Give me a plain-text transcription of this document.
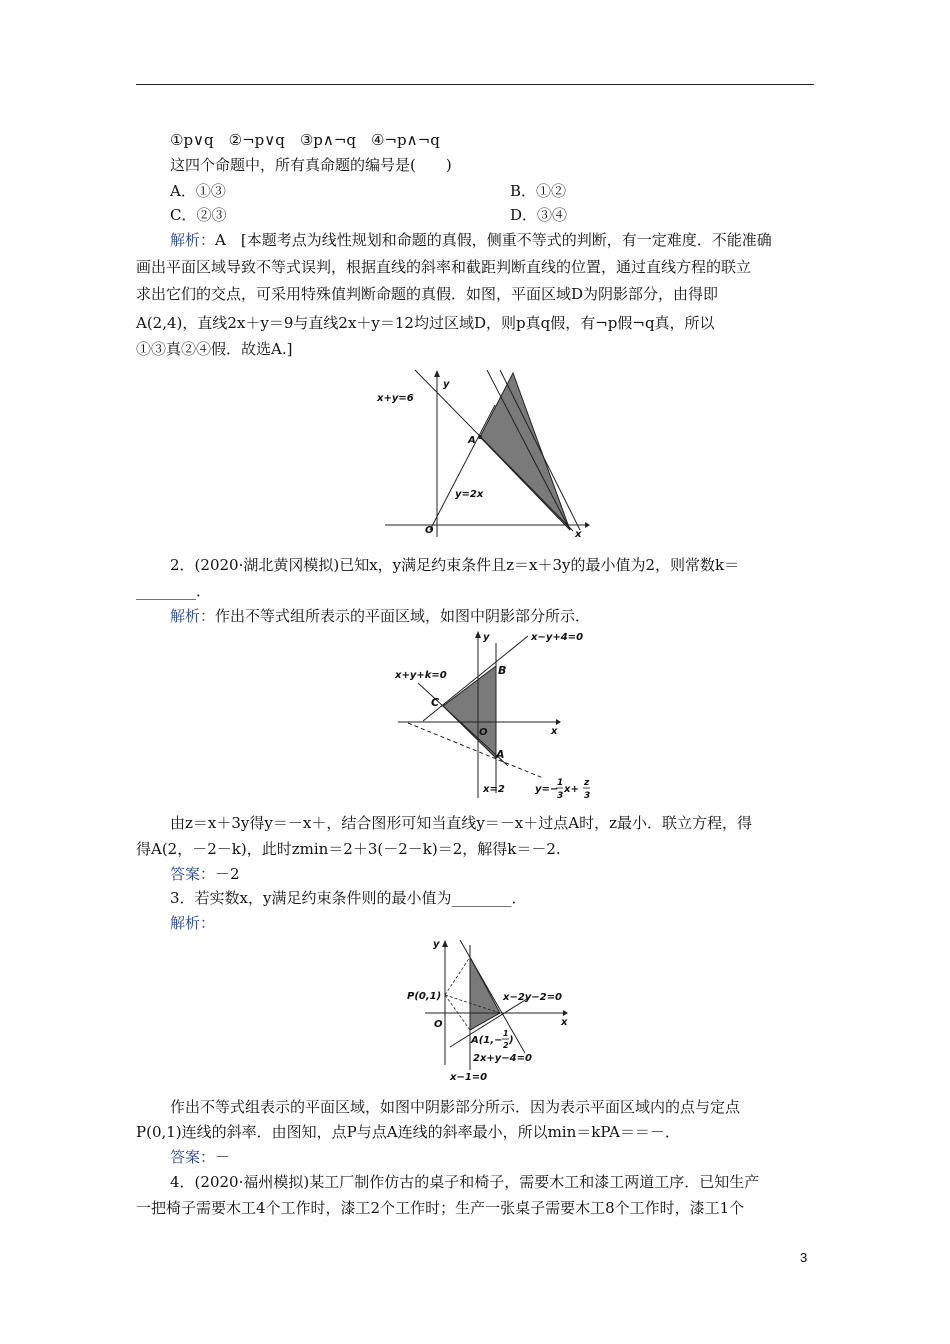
①p∨q　②¬p∨q　③p∧¬q　④¬p∧¬q
这四个命题中，所有真命题的编号是(　　)
A．①③	B．①②
C．②③	D．③④
解析：A　[本题考点为线性规划和命题的真假，侧重不等式的判断，有一定难度．不能准确
画出平面区域导致不等式误判，根据直线的斜率和截距判断直线的位置，通过直线方程的联立
求出它们的交点，可采用特殊值判断命题的真假．如图，平面区域D为阴影部分，由得即
A(2,4)，直线2x＋y＝9与直线2x＋y＝12均过区域D，则p真q假，有¬p假¬q真，所以
①③真②④假．故选A.]
x+y=6
y=2x
A
O	x
y
2．(2020·湖北黄冈模拟)已知x，y满足约束条件且z＝x＋3y的最小值为2，则常数k＝
________．
解析：作出不等式组所表示的平面区域，如图中阴影部分所示．
x+y+k=0
x−y+4=0
B
C
A
O	x
y
x=2	y=−
1
3
x+
z
3
由z＝x＋3y得y＝－x＋，结合图形可知当直线y＝－x＋过点A时，z最小．联立方程，得
得A(2，－2－k)，此时zmin＝2＋3(－2－k)＝2，解得k＝－2.
答案：－2
3．若实数x，y满足约束条件则的最小值为________．
解析：
P(0,1)	x−2y−2=0
2x+y−4=0
x−1=0
A(1,−
1
2 )
O	x
y
作出不等式组表示的平面区域，如图中阴影部分所示．因为表示平面区域内的点与定点
P(0,1)连线的斜率．由图知，点P与点A连线的斜率最小，所以min＝kPA＝＝－．
答案：－
4．(2020·福州模拟)某工厂制作仿古的桌子和椅子，需要木工和漆工两道工序．已知生产
一把椅子需要木工4个工作时，漆工2个工作时；生产一张桌子需要木工8个工作时，漆工1个
3
